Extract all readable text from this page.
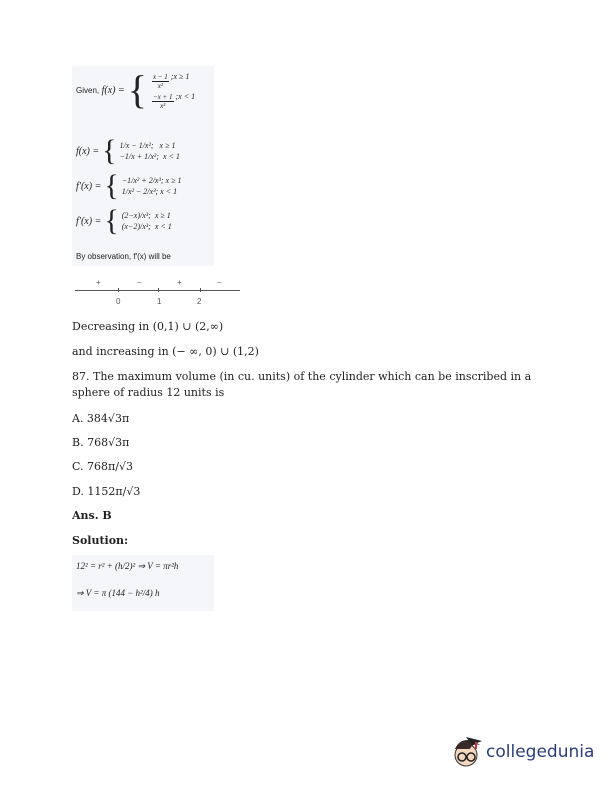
Given,
f(x) = { $\frac{x - 1}{\text{x²}}$ ;x ≥ 1
$\frac{-x + 1}{\text{x²}}$ ;x < 1
f(x) = { 1/x − 1/x²; x ≥ 1
−1/x + 1/x²; x < 1
f′(x) = { −1/x² + 2/x³; x ≥ 1
1/x² − 2/x³; x < 1
f′(x) = { (2−x)/x³; x ≥ 1
(x−2)/x³; x < 1
By observation, f′(x) will be
+	−	+	−
0	1	2
Decreasing in (0,1) ∪ (2,∞)
and increasing in (− ∞, 0) ∪ (1,2)
87. The maximum volume (in cu. units) of the cylinder which can be inscribed in a
sphere of radius 12 units is
A. 384√3π
B. 768√3π
C. 768π/√3
D. 1152π/√3
Ans. B
Solution:
12² = r² + (h/2)² ⇒ V = πr²h
⇒ V = π (144 − h²/4) h
collegedunia
